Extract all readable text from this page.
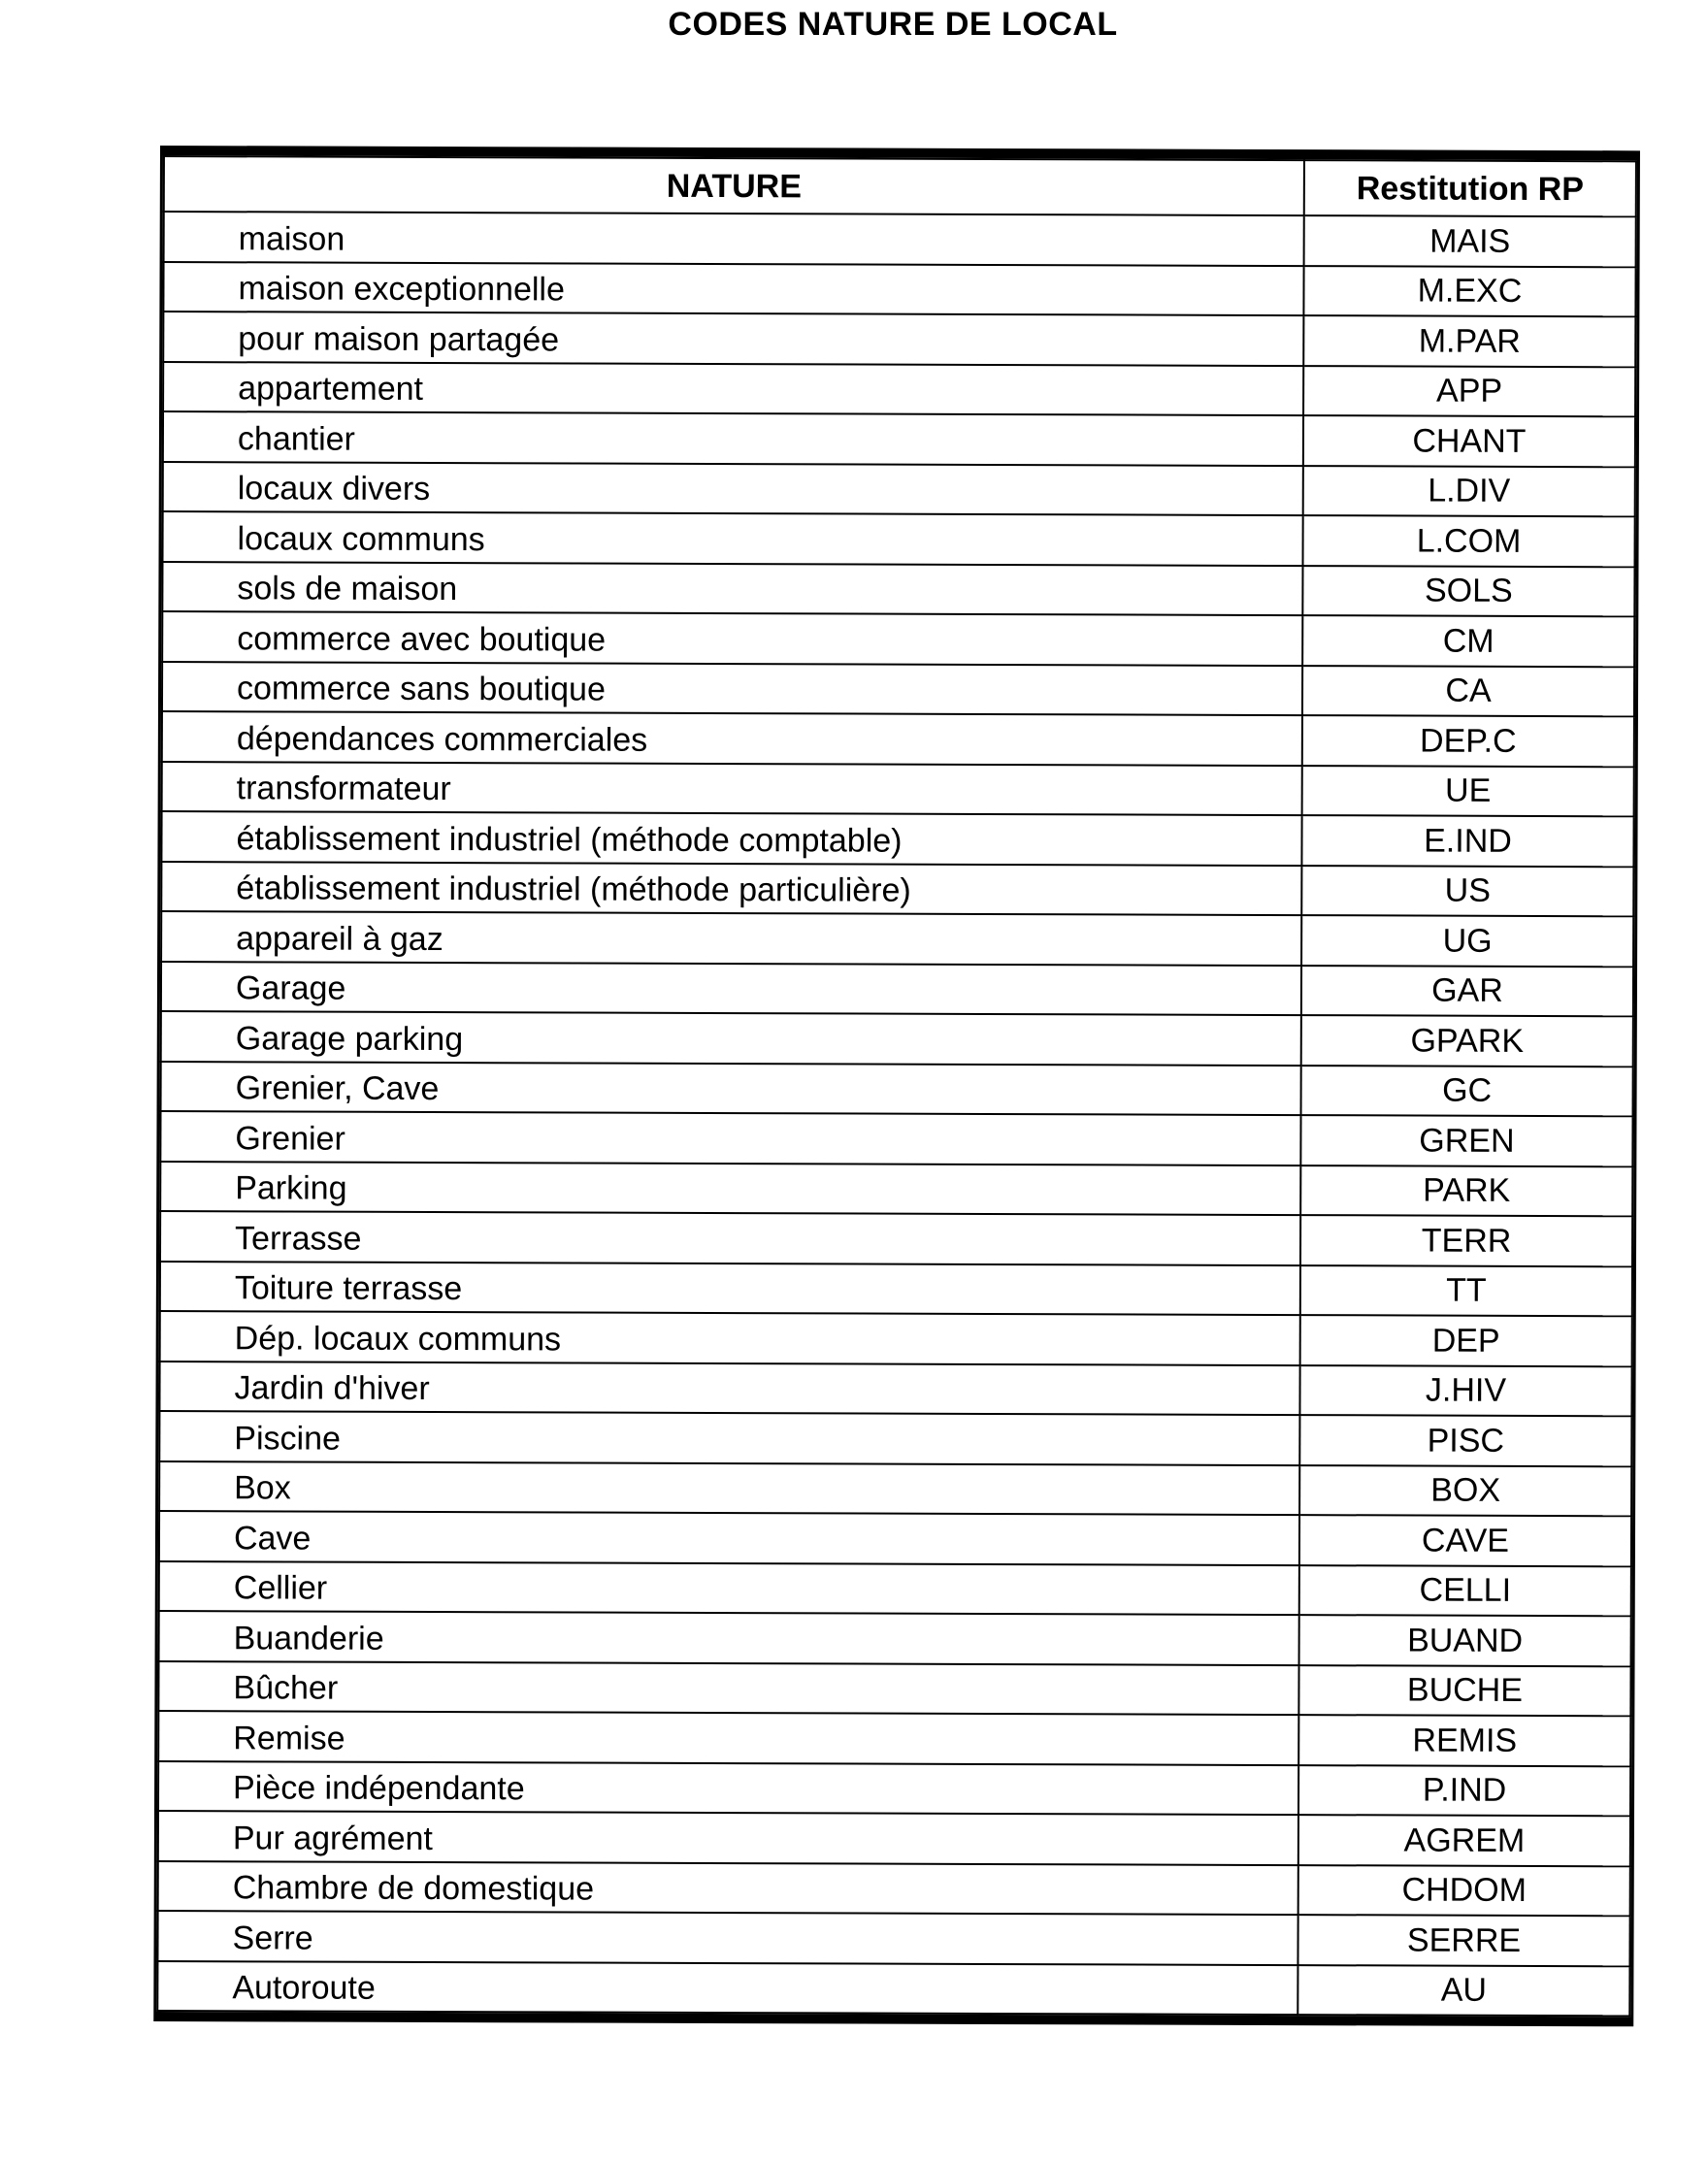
CODES NATURE DE LOCAL
NATURE	Restitution RP
maison	MAIS
maison exceptionnelle	M.EXC
pour maison partagée	M.PAR
appartement	APP
chantier	CHANT
locaux divers	L.DIV
locaux communs	L.COM
sols de maison	SOLS
commerce avec boutique	CM
commerce sans boutique	CA
dépendances commerciales	DEP.C
transformateur	UE
établissement industriel (méthode comptable)	E.IND
établissement industriel (méthode particulière)	US
appareil à gaz	UG
Garage	GAR
Garage parking	GPARK
Grenier, Cave	GC
Grenier	GREN
Parking	PARK
Terrasse	TERR
Toiture terrasse	TT
Dép. locaux communs	DEP
Jardin d'hiver	J.HIV
Piscine	PISC
Box	BOX
Cave	CAVE
Cellier	CELLI
Buanderie	BUAND
Bûcher	BUCHE
Remise	REMIS
Pièce indépendante	P.IND
Pur agrément	AGREM
Chambre de domestique	CHDOM
Serre	SERRE
Autoroute	AU
